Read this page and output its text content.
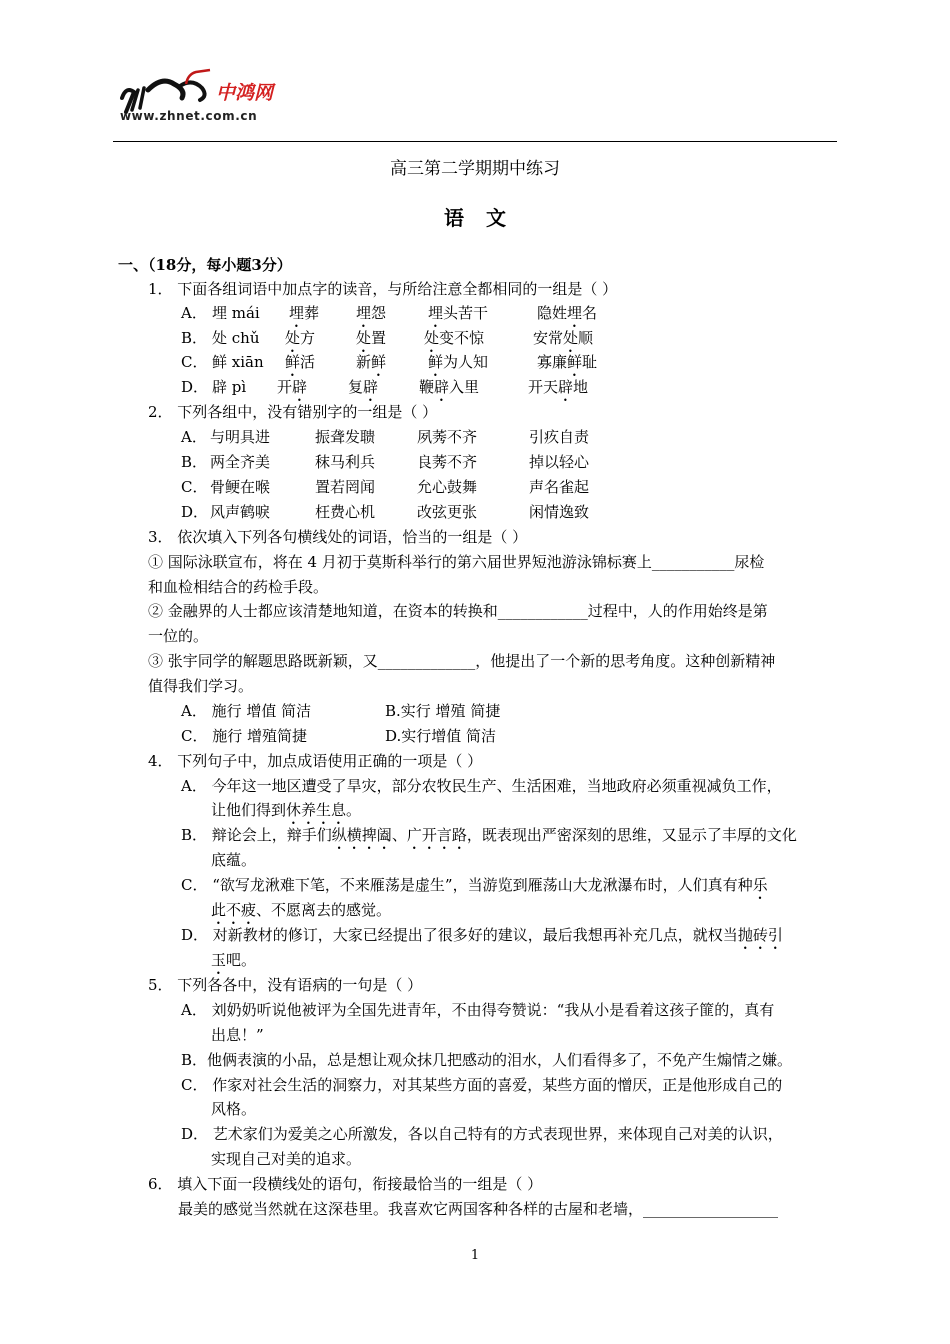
中鸿网
www.zhnet.com.cn
高三第二学期期中练习
语文
一、（18分，每小题3分）
1． 下面各组词语中加点字的读音，与所给注意全都相同的一组是（ ）
A． 埋 mái 埋葬 埋怨	埋头苦干	隐姓埋名
B． 处 chǔ 处方	处置	处变不惊	安常处顺
C． 鲜 xiān 鲜活	新鲜	鲜为人知	寡廉鲜耻
D． 辟 pì 开辟	复辟	鞭辟入里	开天辟地
2． 下列各组中，没有错别字的一组是（ ）
A． 与明具进	振聋发聩	夙莠不齐	引疚自责
B． 两全齐美	秣马利兵	良莠不齐	掉以轻心
C． 骨鲠在喉	置若罔闻	允心鼓舞	声名雀起
D． 风声鹤唳	枉费心机	改弦更张	闲情逸致
3． 依次填入下列各句横线处的词语，恰当的一组是（ ）
① 国际泳联宣布，将在 4 月初于莫斯科举行的第六届世界短池游泳锦标赛上___________尿检
和血检相结合的药检手段。
② 金融界的人士都应该清楚地知道，在资本的转换和____________过程中，人的作用始终是第
一位的。
③ 张宇同学的解题思路既新颖，又_____________，他提出了一个新的思考角度。这种创新精神
值得我们学习。
A． 施行 增值 简洁	B.实行 增殖 简捷
C． 施行 增殖简捷	D.实行增值 简洁
4． 下列句子中，加点成语使用正确的一项是（ ）
A． 今年这一地区遭受了旱灾，部分农牧民生产、生活困难，当地政府必须重视减负工作，
让他们得到休养生息。
B． 辩论会上，辩手们纵横捭阖、广开言路，既表现出严密深刻的思维，又显示了丰厚的文化
底蕴。
C． “欲写龙湫难下笔，不来雁荡是虚生”，当游览到雁荡山大龙湫瀑布时，人们真有种乐
此不疲、不愿离去的感觉。
D． 对新教材的修订，大家已经提出了很多好的建议，最后我想再补充几点，就权当抛砖引
玉吧。
5． 下列各各中，没有语病的一句是（ ）
A． 刘奶奶听说他被评为全国先进青年，不由得夸赞说：“我从小是看着这孩子篚的，真有
出息！”
B．他俩表演的小品，总是想让观众抹几把感动的泪水，人们看得多了，不免产生煽情之嫌。
C． 作家对社会生活的洞察力，对其某些方面的喜爱，某些方面的憎厌，正是他形成自己的
风格。
D． 艺术家们为爱美之心所激发，各以自己特有的方式表现世界，来体现自己对美的认识，
实现自己对美的追求。
6． 填入下面一段横线处的语句，衔接最恰当的一组是（ ）
最美的感觉当然就在这深巷里。我喜欢它两国客种各样的古屋和老墙，__________________
1
